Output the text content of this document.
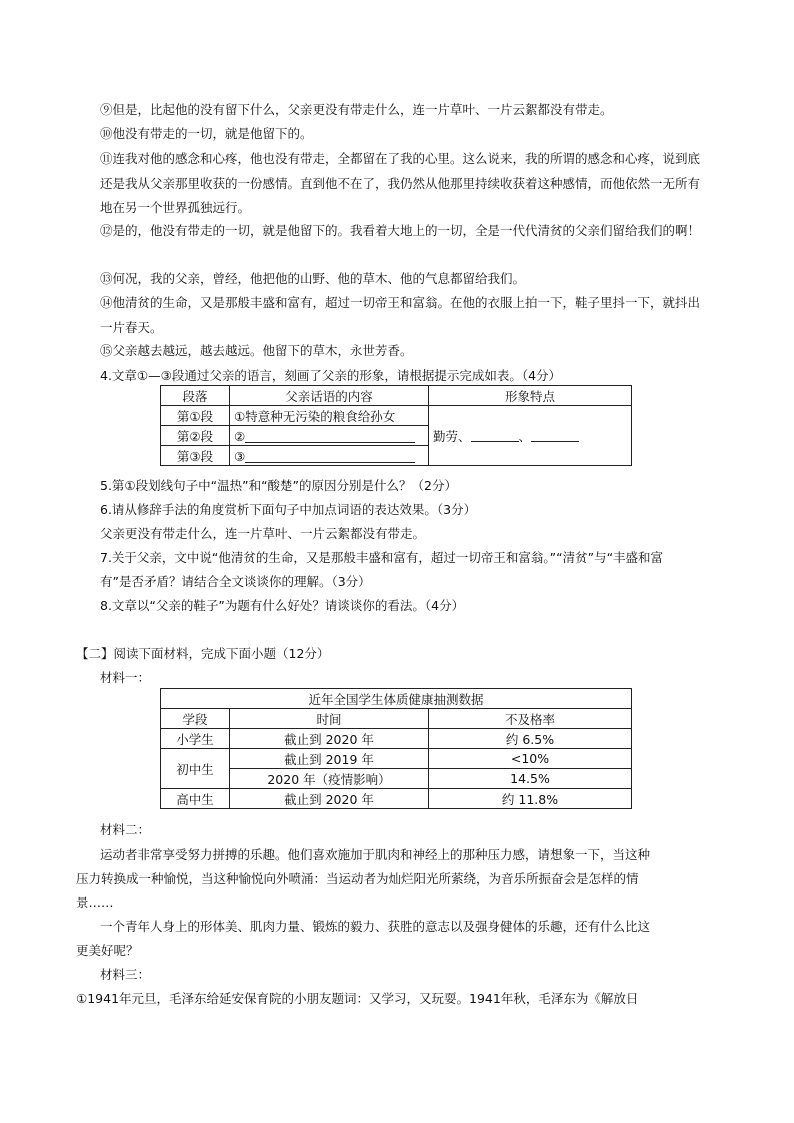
⑨但是，比起他的没有留下什么，父亲更没有带走什么，连一片草叶、一片云絮都没有带走。

⑩他没有带走的一切，就是他留下的。

⑪连我对他的感念和心疼，他也没有带走，全都留在了我的心里。这么说来，我的所谓的感念和心疼，说到底还是我从父亲那里收获的一份感情。直到他不在了，我仍然从他那里持续收获着这种感情，而他依然一无所有地在另一个世界孤独远行。

⑫是的，他没有带走的一切，就是他留下的。我看着大地上的一切，全是一代代清贫的父亲们留给我们的啊！

⑬何况，我的父亲，曾经，他把他的山野、他的草木、他的气息都留给我们。

⑭他清贫的生命，又是那般丰盛和富有，超过一切帝王和富翁。在他的衣服上拍一下，鞋子里抖一下，就抖出一片春天。

⑮父亲越去越远，越去越远。他留下的草木，永世芳香。

4.文章①—③段通过父亲的语言，刻画了父亲的形象，请根据提示完成如表。（4分）

段落	父亲话语的内容	形象特点
第①段	①特意种无污染的粮食给孙女	勤劳、 、
第②段	②	
第③段	③	

5.第①段划线句子中“温热”和“酸楚”的原因分别是什么？（2分）

6.请从修辞手法的角度赏析下面句子中加点词语的表达效果。（3分）

父亲更没有带走什么，连一片草叶、一片云絮都没有带走。

7.关于父亲，文中说“他清贫的生命，又是那般丰盛和富有，超过一切帝王和富翁。”“清贫”与“丰盛和富

有”是否矛盾？请结合全文谈谈你的理解。（3分）

8.文章以“父亲的鞋子”为题有什么好处？请谈谈你的看法。（4分）

【二】阅读下面材料，完成下面小题（12分）

材料一：

近年全国学生体质健康抽测数据		
学段	时间	不及格率
小学生	截止到 2020 年	约 6.5%
初中生	截止到 2019 年	<10%
	2020 年（疫情影响）	14.5%
高中生	截止到 2020 年	约 11.8%

材料二：

运动者非常享受努力拼搏的乐趣。他们喜欢施加于肌肉和神经上的那种压力感，请想象一下，当这种

压力转换成一种愉悦，当这种愉悦向外喷涌：当运动者为灿烂阳光所萦绕，为音乐所振奋会是怎样的情

景……

一个青年人身上的形体美、肌肉力量、锻炼的毅力、获胜的意志以及强身健体的乐趣，还有什么比这

更美好呢？

材料三：

①1941年元旦，毛泽东给延安保育院的小朋友题词：又学习，又玩耍。1941年秋，毛泽东为《解放日
